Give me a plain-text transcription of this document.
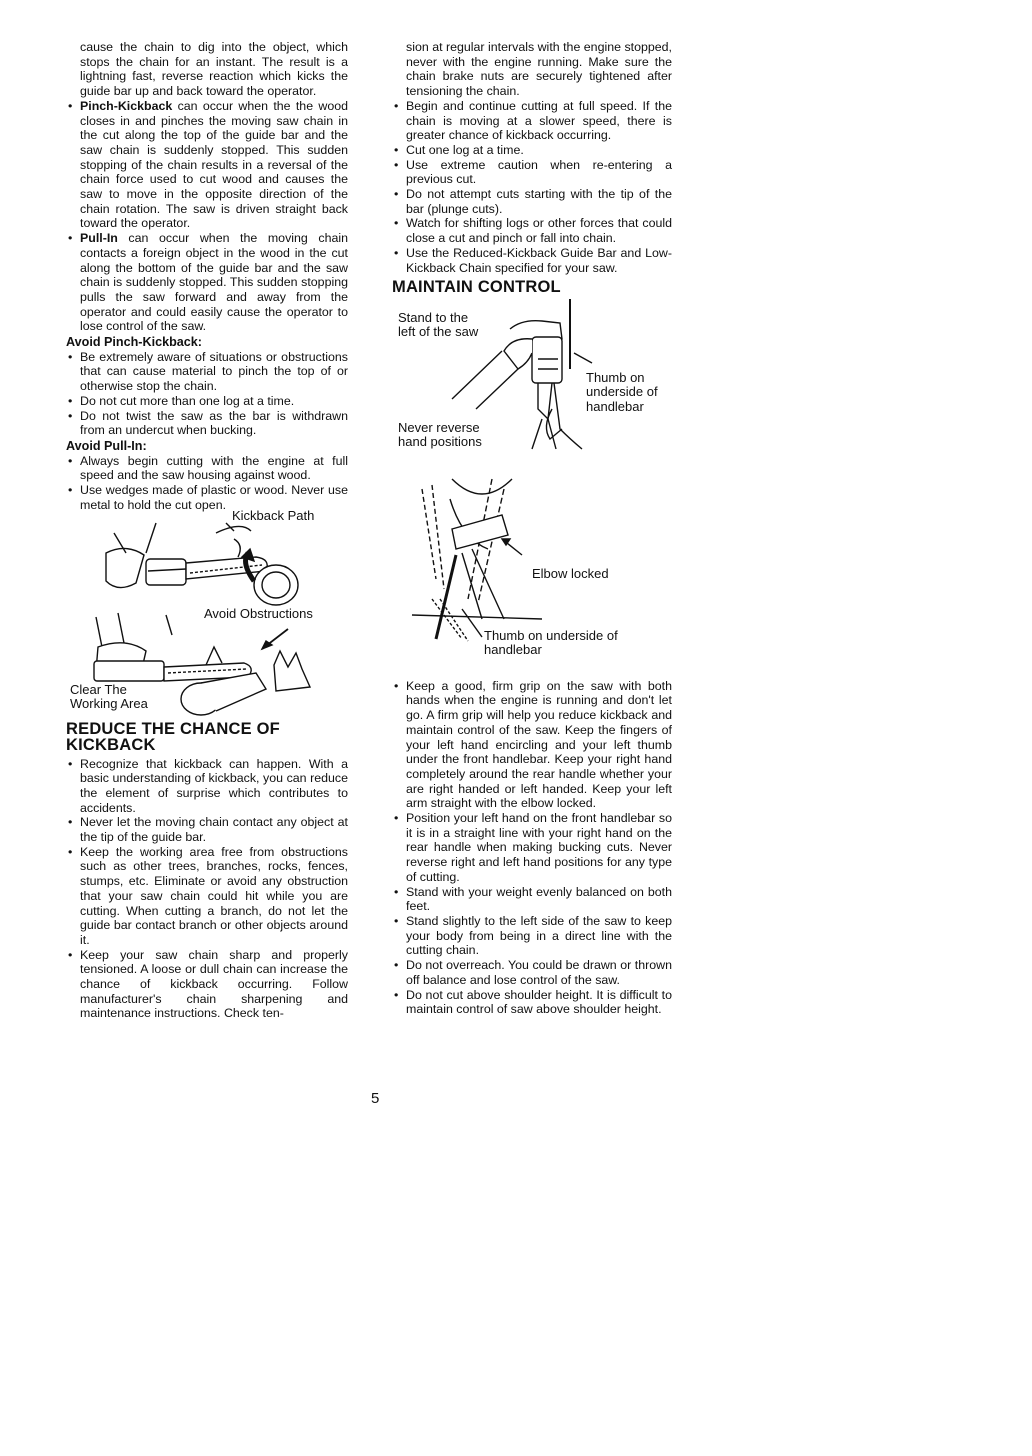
cause the chain to dig into the object, which stops the chain for an instant. The result is a lightning fast, reverse reaction which kicks the guide bar up and back toward the operator.

• Pinch-Kickback can occur when the the wood closes in and pinches the moving saw chain in the cut along the top of the guide bar and the saw chain is suddenly stopped. This sudden stopping of the chain results in a reversal of the chain force used to cut wood and causes the saw to move in the opposite direction of the chain rotation. The saw is driven straight back toward the operator.
• Pull-In can occur when the moving chain contacts a foreign object in the wood in the cut along the bottom of the guide bar and the saw chain is suddenly stopped. This sudden stopping pulls the saw forward and away from the operator and could easily cause the operator to lose control of the saw.
Avoid Pinch-Kickback:
• Be extremely aware of situations or obstructions that can cause material to pinch the top of or otherwise stop the chain.
• Do not cut more than one log at a time.
• Do not twist the saw as the bar is withdrawn from an undercut when bucking.
Avoid Pull-In:
• Always begin cutting with the engine at full speed and the saw housing against wood.
• Use wedges made of plastic or wood. Never use metal to hold the cut open.
Kickback Path
Avoid Obstructions
Clear The
Working Area
REDUCE THE CHANCE OF KICKBACK
• Recognize that kickback can happen. With a basic understanding of kickback, you can reduce the element of surprise which contributes to accidents.
• Never let the moving chain contact any object at the tip of the guide bar.
• Keep the working area free from obstructions such as other trees, branches, rocks, fences, stumps, etc. Eliminate or avoid any obstruction that your saw chain could hit while you are cutting. When cutting a branch, do not let the guide bar contact branch or other objects around it.
• Keep your saw chain sharp and properly tensioned. A loose or dull chain can increase the chance of kickback occurring. Follow manufacturer's chain sharpening and maintenance instructions. Check ten-

sion at regular intervals with the engine stopped, never with the engine running. Make sure the chain brake nuts are securely tightened after tensioning the chain.

• Begin and continue cutting at full speed. If the chain is moving at a slower speed, there is greater chance of kickback occurring.
• Cut one log at a time.
• Use extreme caution when re-entering a previous cut.
• Do not attempt cuts starting with the tip of the bar (plunge cuts).
• Watch for shifting logs or other forces that could close a cut and pinch or fall into chain.
• Use the Reduced-Kickback Guide Bar and Low-Kickback Chain specified for your saw.
MAINTAIN CONTROL
Stand to the
left of the saw
Thumb on
underside of
handlebar
Never reverse
hand positions
Elbow locked
Thumb on underside of
handlebar
• Keep a good, firm grip on the saw with both hands when the engine is running and don't let go. A firm grip will help you reduce kickback and maintain control of the saw. Keep the fingers of your left hand encircling and your left thumb under the front handlebar. Keep your right hand completely around the rear handle whether your are right handed or left handed. Keep your left arm straight with the elbow locked.
• Position your left hand on the front handlebar so it is in a straight line with your right hand on the rear handle when making bucking cuts. Never reverse right and left hand positions for any type of cutting.
• Stand with your weight evenly balanced on both feet.
• Stand slightly to the left side of the saw to keep your body from being in a direct line with the cutting chain.
• Do not overreach. You could be drawn or thrown off balance and lose control of the saw.
• Do not cut above shoulder height. It is difficult to maintain control of saw above shoulder height.
5
